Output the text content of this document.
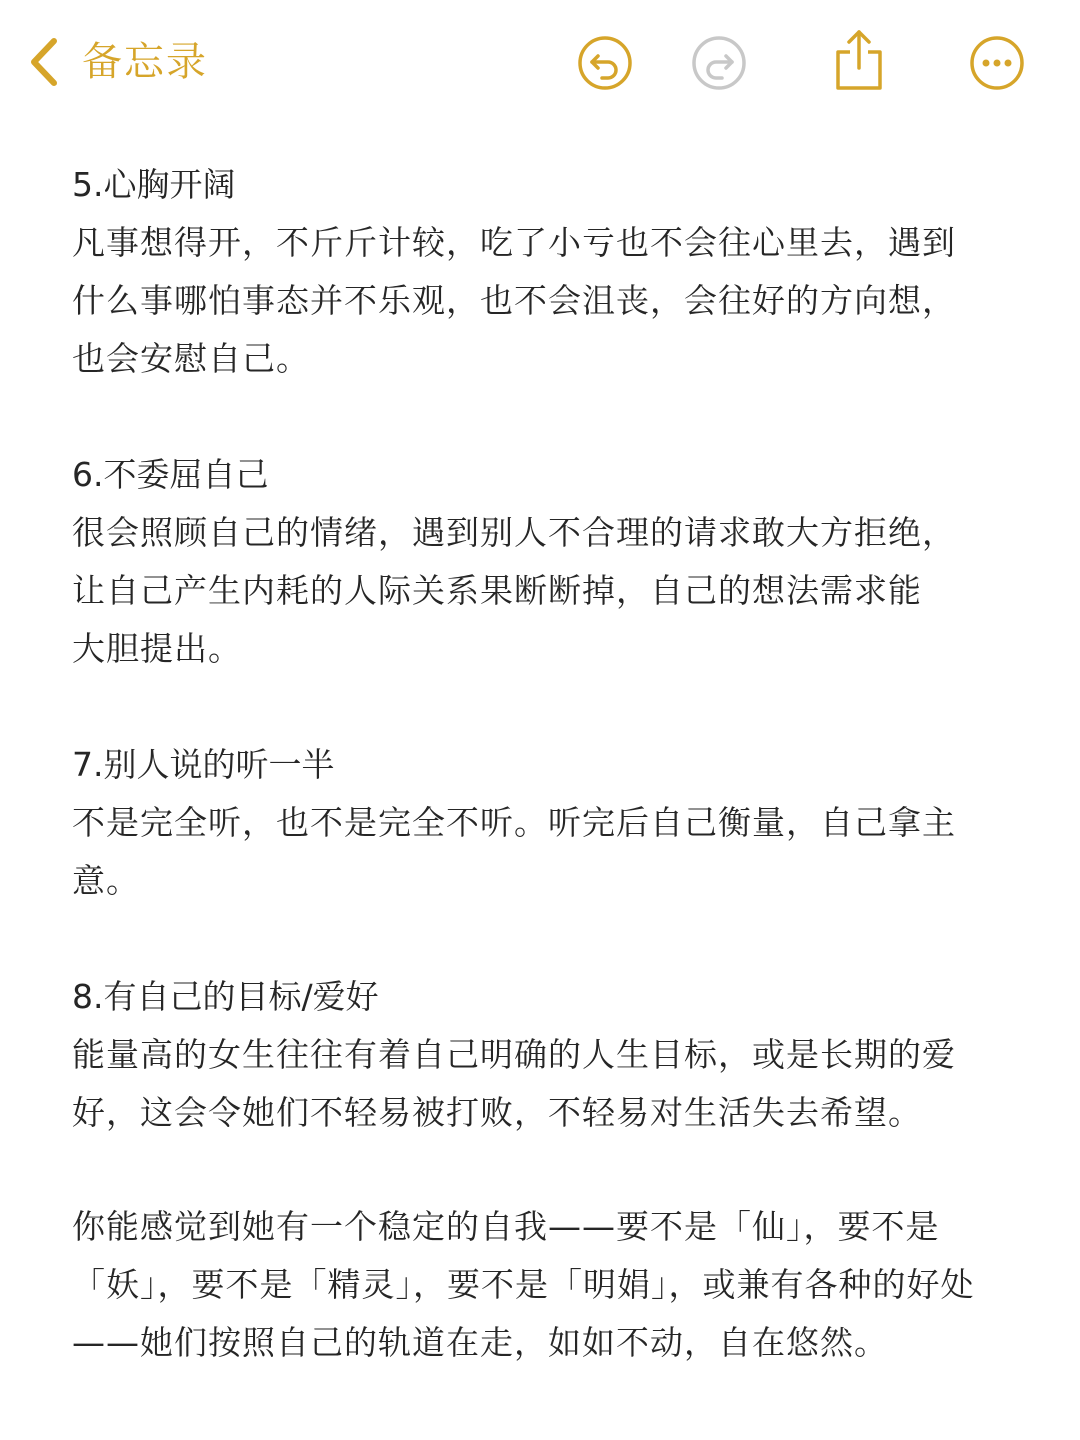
备忘录
5.心胸开阔
凡事想得开，不斤斤计较，吃了小亏也不会往心里去，遇到
什么事哪怕事态并不乐观，也不会沮丧，会往好的方向想，
也会安慰自己。
6.不委屈自己
很会照顾自己的情绪，遇到别人不合理的请求敢大方拒绝，
让自己产生内耗的人际关系果断断掉，自己的想法需求能
大胆提出。
7.别人说的听一半
不是完全听，也不是完全不听。听完后自己衡量，自己拿主
意。
8.有自己的目标/爱好
能量高的女生往往有着自己明确的人生目标，或是长期的爱
好，这会令她们不轻易被打败，不轻易对生活失去希望。
你能感觉到她有一个稳定的自我——要不是「仙」，要不是
「妖」，要不是「精灵」，要不是「明娟」，或兼有各种的好处
——她们按照自己的轨道在走，如如不动，自在悠然。
